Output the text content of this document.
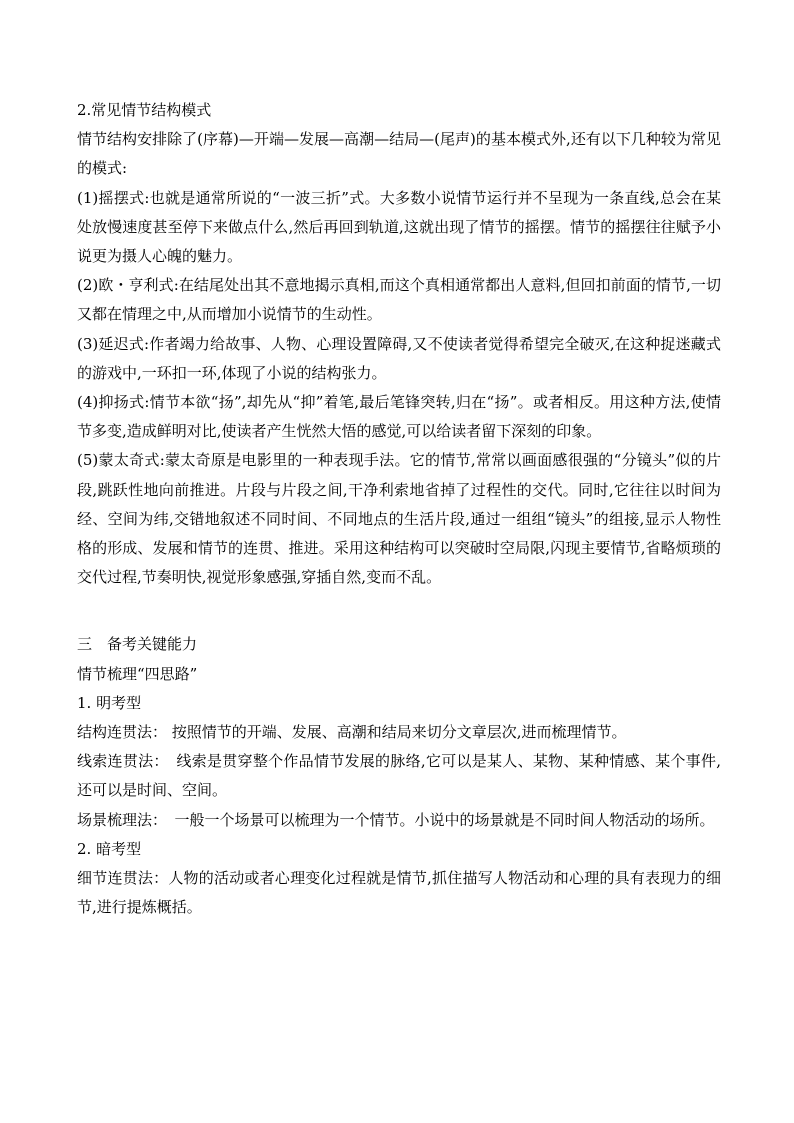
2.常见情节结构模式

情节结构安排除了(序幕)—开端—发展—高潮—结局—(尾声)的基本模式外,还有以下几种较为常见的模式:

(1)摇摆式:也就是通常所说的“一波三折”式。大多数小说情节运行并不呈现为一条直线,总会在某处放慢速度甚至停下来做点什么,然后再回到轨道,这就出现了情节的摇摆。情节的摇摆往往赋予小说更为摄人心魄的魅力。

(2)欧・亨利式:在结尾处出其不意地揭示真相,而这个真相通常都出人意料,但回扣前面的情节,一切又都在情理之中,从而增加小说情节的生动性。

(3)延迟式:作者竭力给故事、人物、心理设置障碍,又不使读者觉得希望完全破灭,在这种捉迷藏式的游戏中,一环扣一环,体现了小说的结构张力。

(4)抑扬式:情节本欲“扬”,却先从“抑”着笔,最后笔锋突转,归在“扬”。或者相反。用这种方法,使情节多变,造成鲜明对比,使读者产生恍然大悟的感觉,可以给读者留下深刻的印象。

(5)蒙太奇式:蒙太奇原是电影里的一种表现手法。它的情节,常常以画面感很强的“分镜头”似的片段,跳跃性地向前推进。片段与片段之间,干净利索地省掉了过程性的交代。同时,它往往以时间为经、空间为纬,交错地叙述不同时间、不同地点的生活片段,通过一组组“镜头”的组接,显示人物性格的形成、发展和情节的连贯、推进。采用这种结构可以突破时空局限,闪现主要情节,省略烦琐的交代过程,节奏明快,视觉形象感强,穿插自然,变而不乱。

三　备考关键能力

情节梳理“四思路”

1. 明考型

结构连贯法： 按照情节的开端、发展、高潮和结局来切分文章层次,进而梳理情节。

线索连贯法：　线索是贯穿整个作品情节发展的脉络,它可以是某人、某物、某种情感、某个事件,还可以是时间、空间。

场景梳理法：　一般一个场景可以梳理为一个情节。小说中的场景就是不同时间人物活动的场所。

2. 暗考型

细节连贯法：人物的活动或者心理变化过程就是情节,抓住描写人物活动和心理的具有表现力的细节,进行提炼概括。
